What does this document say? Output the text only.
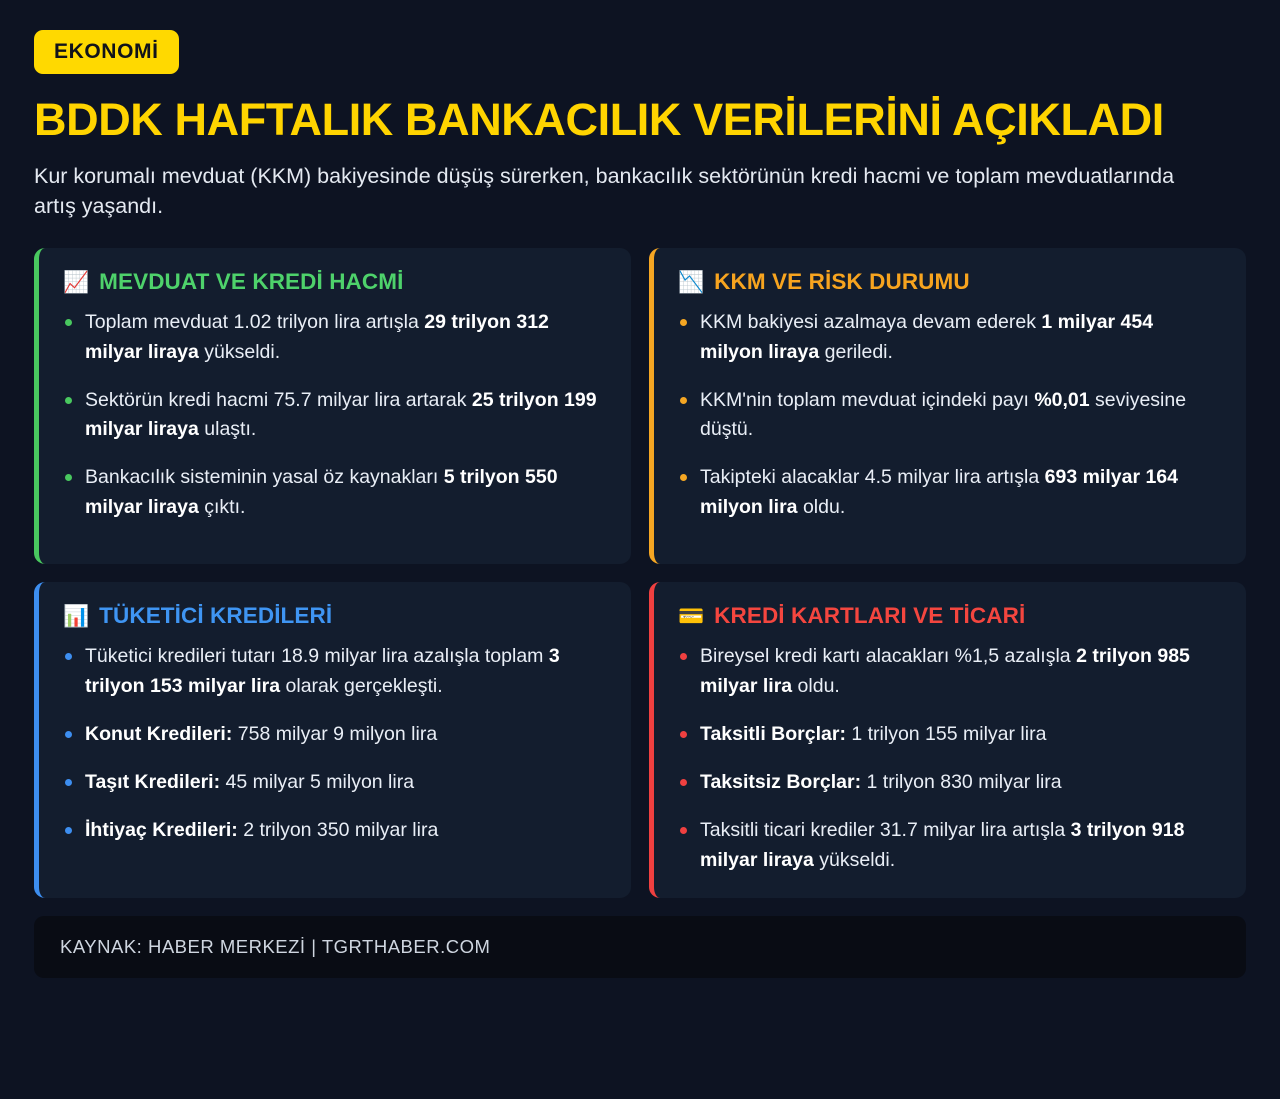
EKONOMİ
BDDK HAFTALIK BANKACILIK VERİLERİNİ AÇIKLADI

Kur korumalı mevduat (KKM) bakiyesinde düşüş sürerken, bankacılık sektörünün kredi hacmi ve toplam mevduatlarında artış yaşandı.

📈 MEVDUAT VE KREDİ HACMİ
Toplam mevduat 1.02 trilyon lira artışla 29 trilyon 312 milyar liraya yükseldi.
Sektörün kredi hacmi 75.7 milyar lira artarak 25 trilyon 199 milyar liraya ulaştı.
Bankacılık sisteminin yasal öz kaynakları 5 trilyon 550 milyar liraya çıktı.
📉 KKM VE RİSK DURUMU
KKM bakiyesi azalmaya devam ederek 1 milyar 454 milyon liraya geriledi.
KKM'nin toplam mevduat içindeki payı %0,01 seviyesine düştü.
Takipteki alacaklar 4.5 milyar lira artışla 693 milyar 164 milyon lira oldu.
📊 TÜKETİCİ KREDİLERİ
Tüketici kredileri tutarı 18.9 milyar lira azalışla toplam 3 trilyon 153 milyar lira olarak gerçekleşti.
Konut Kredileri: 758 milyar 9 milyon lira
Taşıt Kredileri: 45 milyar 5 milyon lira
İhtiyaç Kredileri: 2 trilyon 350 milyar lira
💳 KREDİ KARTLARI VE TİCARİ
Bireysel kredi kartı alacakları %1,5 azalışla 2 trilyon 985 milyar lira oldu.
Taksitli Borçlar: 1 trilyon 155 milyar lira
Taksitsiz Borçlar: 1 trilyon 830 milyar lira
Taksitli ticari krediler 31.7 milyar lira artışla 3 trilyon 918 milyar liraya yükseldi.
KAYNAK: HABER MERKEZİ | TGRTHABER.COM
